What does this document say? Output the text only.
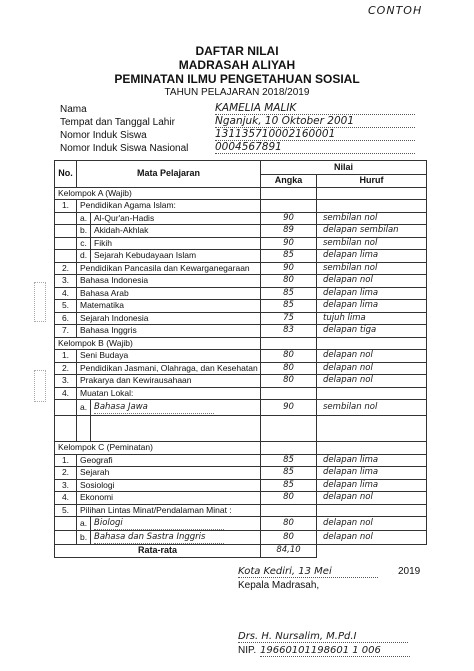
CONTOH
DAFTAR NILAI
MADRASAH ALIYAH
PEMINATAN ILMU PENGETAHUAN SOSIAL
TAHUN PELAJARAN 2018/2019
Nama	KAMELIA MALIK
Tempat dan Tanggal Lahir	Nganjuk, 10 Oktober 2001
Nomor Induk Siswa	131135710002160001
Nomor Induk Siswa Nasional	0004567891
No.	Mata Pelajaran		Nilai	
			Angka	Huruf
Kelompok A (Wajib)				
1.	Pendidikan Agama Islam:			
	a.	Al-Qur'an-Hadis	90	sembilan nol
	b.	Akidah-Akhlak	89	delapan sembilan
	c.	Fikih	90	sembilan nol
	d.	Sejarah Kebudayaan Islam	85	delapan lima
2.	Pendidikan Pancasila dan Kewarganegaraan		90	sembilan nol
3.	Bahasa Indonesia		80	delapan nol
4.	Bahasa Arab		85	delapan lima
5.	Matematika		85	delapan lima
6.	Sejarah Indonesia		75	tujuh lima
7.	Bahasa Inggris		83	delapan tiga
Kelompok B (Wajib)				
1.	Seni Budaya		80	delapan nol
2.	Pendidikan Jasmani, Olahraga, dan Kesehatan		80	delapan nol
3.	Prakarya dan Kewirausahaan		80	delapan nol
4.	Muatan Lokal:			
	a.	Bahasa Jawa	90	sembilan nol

Kelompok C (Peminatan)				
1.	Geografi		85	delapan lima
2.	Sejarah		85	delapan lima
3.	Sosiologi		85	delapan lima
4.	Ekonomi		80	delapan nol
5.	Pilihan Lintas Minat/Pendalaman Minat :			
	a.	Biologi	80	delapan nol
	b.	Bahasa dan Sastra Inggris	80	delapan nol
Rata-rata			84,10	
Kota Kediri, 13 Mei	2019
Kepala Madrasah,
Drs. H. Nursalim, M.Pd.I
NIP. 19660101198601 1 006
